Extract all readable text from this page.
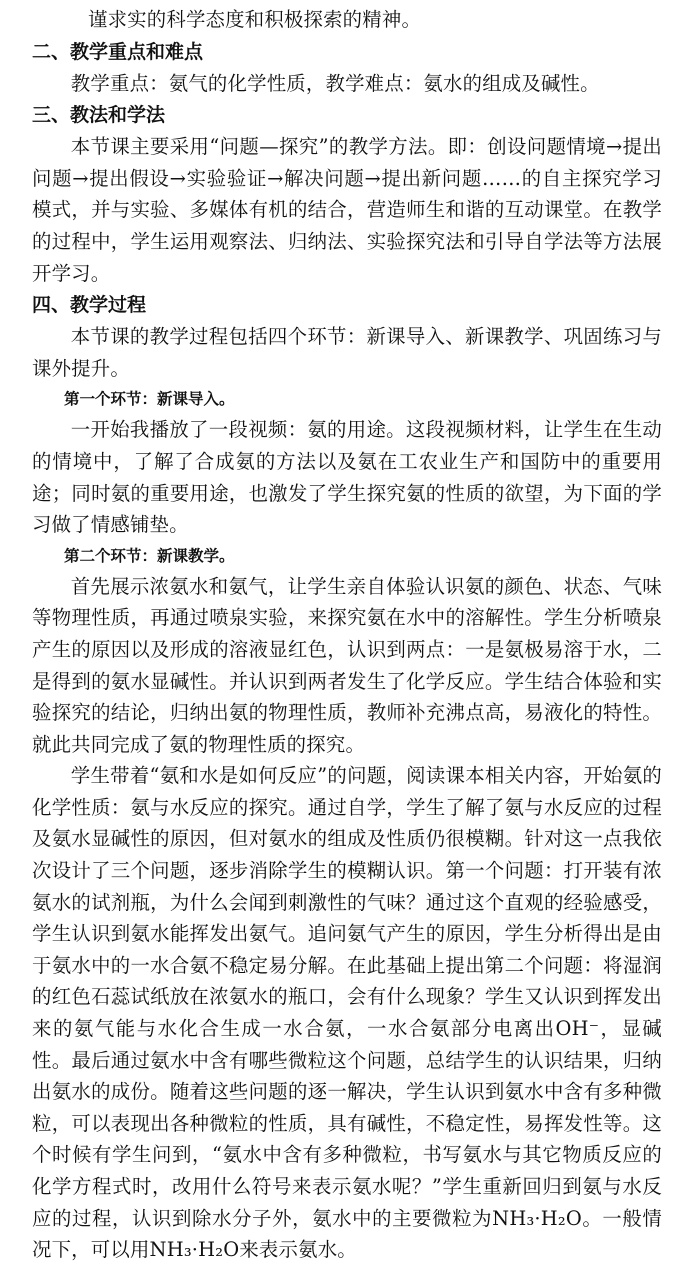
谨求实的科学态度和积极探索的精神。

二、教学重点和难点

教学重点：氨气的化学性质，教学难点：氨水的组成及碱性。

三、教法和学法

本节课主要采用“问题—探究”的教学方法。即：创设问题情境→提出问题→提出假设→实验验证→解决问题→提出新问题……的自主探究学习模式，并与实验、多媒体有机的结合，营造师生和谐的互动课堂。在教学的过程中，学生运用观察法、归纳法、实验探究法和引导自学法等方法展开学习。

四、教学过程

本节课的教学过程包括四个环节：新课导入、新课教学、巩固练习与课外提升。

第一个环节：新课导入。

一开始我播放了一段视频：氨的用途。这段视频材料，让学生在生动的情境中，了解了合成氨的方法以及氨在工农业生产和国防中的重要用途；同时氨的重要用途，也激发了学生探究氨的性质的欲望，为下面的学习做了情感铺垫。

第二个环节：新课教学。

首先展示浓氨水和氨气，让学生亲自体验认识氨的颜色、状态、气味等物理性质，再通过喷泉实验，来探究氨在水中的溶解性。学生分析喷泉产生的原因以及形成的溶液显红色，认识到两点：一是氨极易溶于水，二是得到的氨水显碱性。并认识到两者发生了化学反应。学生结合体验和实验探究的结论，归纳出氨的物理性质，教师补充沸点高，易液化的特性。就此共同完成了氨的物理性质的探究。

学生带着“氨和水是如何反应”的问题，阅读课本相关内容，开始氨的化学性质：氨与水反应的探究。通过自学，学生了解了氨与水反应的过程及氨水显碱性的原因，但对氨水的组成及性质仍很模糊。针对这一点我依次设计了三个问题，逐步消除学生的模糊认识。第一个问题：打开装有浓氨水的试剂瓶，为什么会闻到刺激性的气味？通过这个直观的经验感受，学生认识到氨水能挥发出氨气。追问氨气产生的原因，学生分析得出是由于氨水中的一水合氨不稳定易分解。在此基础上提出第二个问题：将湿润的红色石蕊试纸放在浓氨水的瓶口，会有什么现象？学生又认识到挥发出来的氨气能与水化合生成一水合氨，一水合氨部分电离出OH⁻，显碱性。最后通过氨水中含有哪些微粒这个问题，总结学生的认识结果，归纳出氨水的成份。随着这些问题的逐一解决，学生认识到氨水中含有多种微粒，可以表现出各种微粒的性质，具有碱性，不稳定性，易挥发性等。这个时候有学生问到，“氨水中含有多种微粒，书写氨水与其它物质反应的化学方程式时，改用什么符号来表示氨水呢？”学生重新回归到氨与水反应的过程，认识到除水分子外，氨水中的主要微粒为NH₃·H₂O。一般情况下，可以用NH₃·H₂O来表示氨水。
